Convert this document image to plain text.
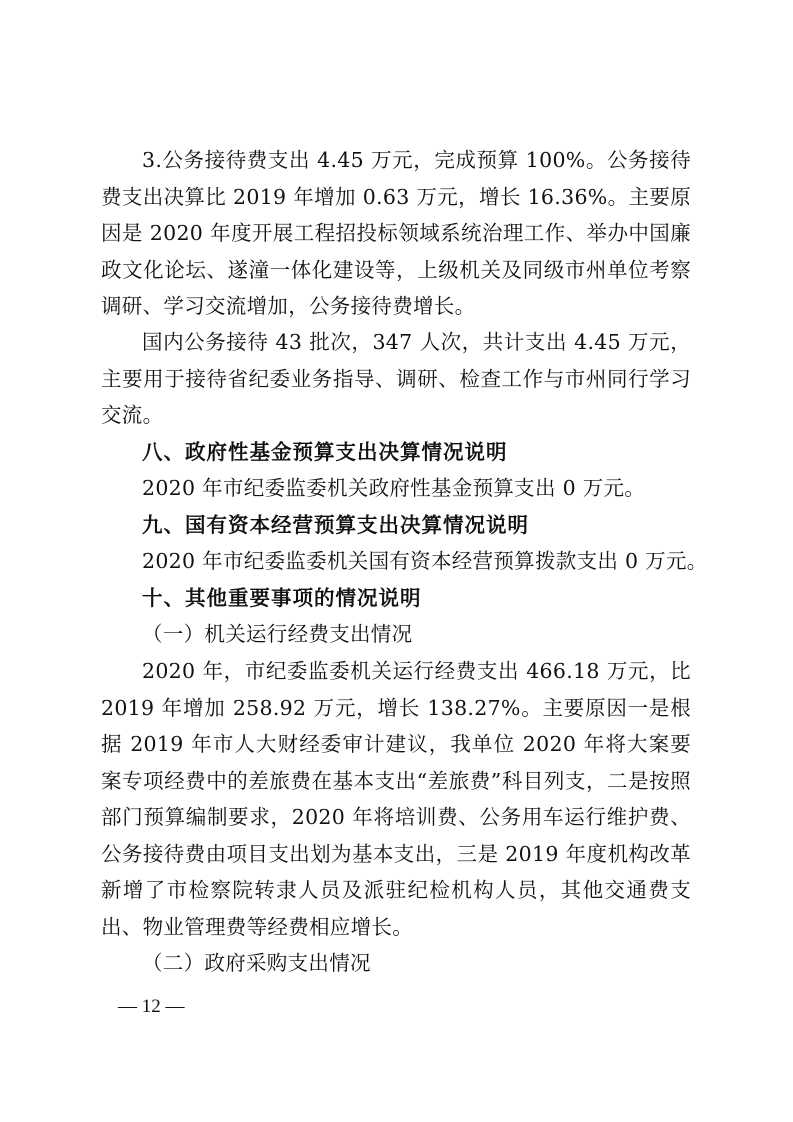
3.公务接待费支出 4.45 万元，完成预算 100%。公务接待费支出决算比 2019 年增加 0.63 万元，增长 16.36%。主要原因是 2020 年度开展工程招投标领域系统治理工作、举办中国廉政文化论坛、遂潼一体化建设等，上级机关及同级市州单位考察调研、学习交流增加，公务接待费增长。

国内公务接待 43 批次，347 人次，共计支出 4.45 万元，主要用于接待省纪委业务指导、调研、检查工作与市州同行学习交流。

八、政府性基金预算支出决算情况说明

2020 年市纪委监委机关政府性基金预算支出 0 万元。

九、国有资本经营预算支出决算情况说明

2020 年市纪委监委机关国有资本经营预算拨款支出 0 万元。

十、其他重要事项的情况说明

（一）机关运行经费支出情况

2020 年，市纪委监委机关运行经费支出 466.18 万元，比 2019 年增加 258.92 万元，增长 138.27%。主要原因一是根据 2019 年市人大财经委审计建议，我单位 2020 年将大案要案专项经费中的差旅费在基本支出“差旅费”科目列支，二是按照部门预算编制要求，2020 年将培训费、公务用车运行维护费、公务接待费由项目支出划为基本支出，三是 2019 年度机构改革新增了市检察院转隶人员及派驻纪检机构人员，其他交通费支出、物业管理费等经费相应增长。

（二）政府采购支出情况

— 12 —
